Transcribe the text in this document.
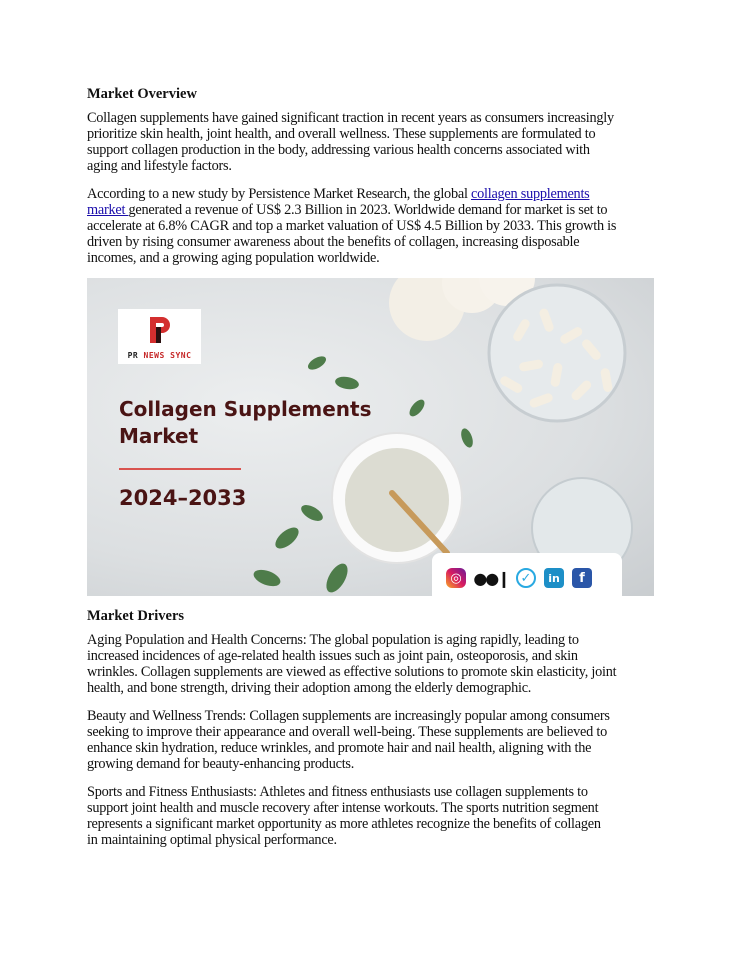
Market Overview
Collagen supplements have gained significant traction in recent years as consumers increasingly
prioritize skin health, joint health, and overall wellness. These supplements are formulated to
support collagen production in the body, addressing various health concerns associated with
aging and lifestyle factors.
According to a new study by Persistence Market Research, the global collagen supplements
market generated a revenue of US$ 2.3 Billion in 2023. Worldwide demand for market is set to
accelerate at 6.8% CAGR and top a market valuation of US$ 4.5 Billion by 2033. This growth is
driven by rising consumer awareness about the benefits of collagen, increasing disposable
incomes, and a growing aging population worldwide.
PR NEWS SYNC
Collagen Supplements
Market
2024–2033
◎ ●●❙ ✓	in	f
Market Drivers
Aging Population and Health Concerns: The global population is aging rapidly, leading to
increased incidences of age-related health issues such as joint pain, osteoporosis, and skin
wrinkles. Collagen supplements are viewed as effective solutions to promote skin elasticity, joint
health, and bone strength, driving their adoption among the elderly demographic.
Beauty and Wellness Trends: Collagen supplements are increasingly popular among consumers
seeking to improve their appearance and overall well-being. These supplements are believed to
enhance skin hydration, reduce wrinkles, and promote hair and nail health, aligning with the
growing demand for beauty-enhancing products.
Sports and Fitness Enthusiasts: Athletes and fitness enthusiasts use collagen supplements to
support joint health and muscle recovery after intense workouts. The sports nutrition segment
represents a significant market opportunity as more athletes recognize the benefits of collagen
in maintaining optimal physical performance.
